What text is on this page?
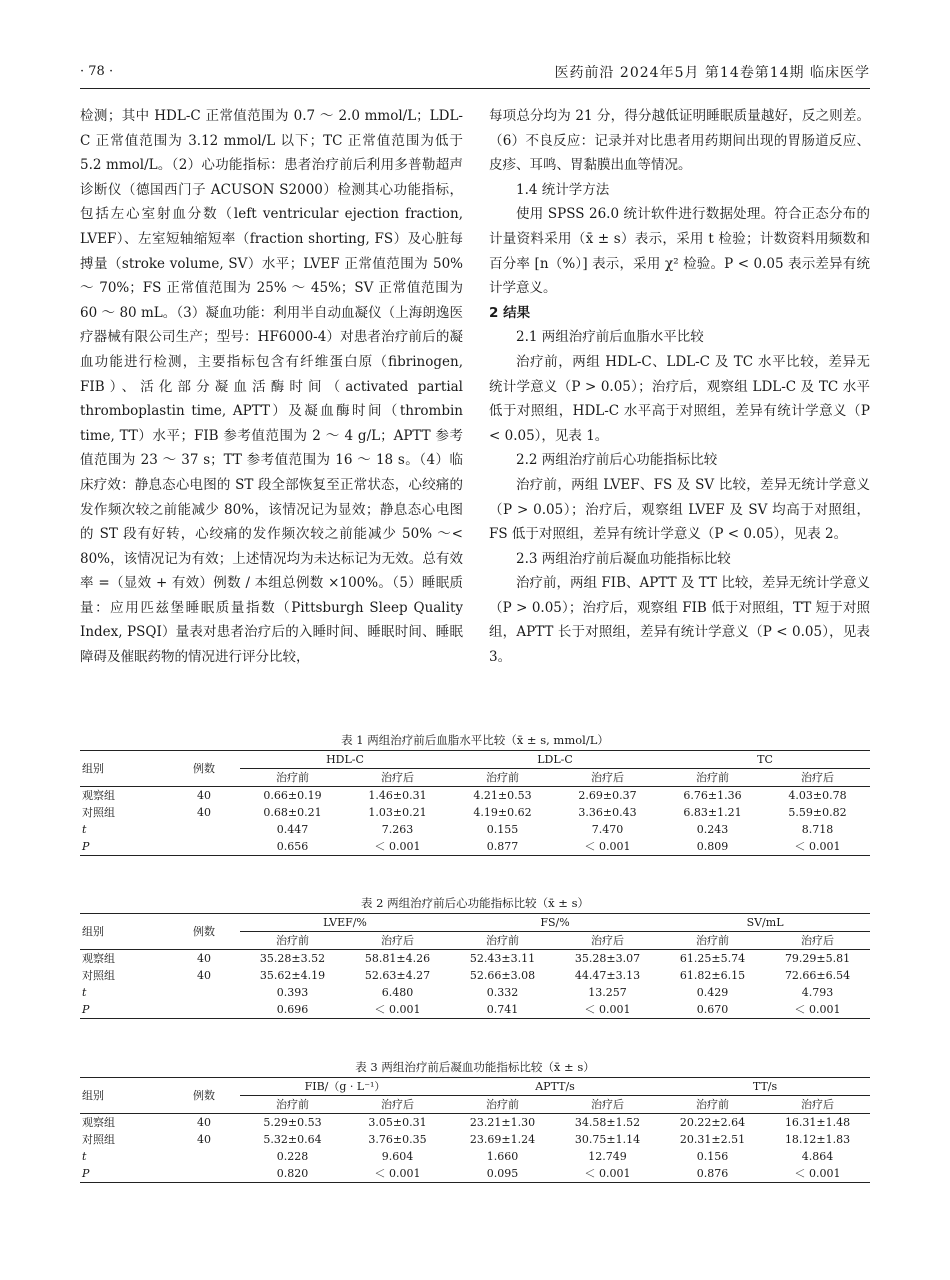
· 78 ·	医药前沿 2024年5月 第14卷第14期 临床医学

检测；其中 HDL-C 正常值范围为 0.7 ～ 2.0 mmol/L；LDL-C 正常值范围为 3.12 mmol/L 以下；TC 正常值范围为低于 5.2 mmol/L。（2）心功能指标：患者治疗前后利用多普勒超声诊断仪（德国西门子 ACUSON S2000）检测其心功能指标，包括左心室射血分数（left ventricular ejection fraction, LVEF）、左室短轴缩短率（fraction shorting, FS）及心脏每搏量（stroke volume, SV）水平；LVEF 正常值范围为 50% ～ 70%；FS 正常值范围为 25% ～ 45%；SV 正常值范围为 60 ～ 80 mL。（3）凝血功能：利用半自动血凝仪（上海朗逸医疗器械有限公司生产；型号：HF6000-4）对患者治疗前后的凝血功能进行检测，主要指标包含有纤维蛋白原（fibrinogen, FIB）、活化部分凝血活酶时间（activated partial thromboplastin time, APTT）及凝血酶时间（thrombin time, TT）水平；FIB 参考值范围为 2 ～ 4 g/L；APTT 参考值范围为 23 ～ 37 s；TT 参考值范围为 16 ～ 18 s。（4）临床疗效：静息态心电图的 ST 段全部恢复至正常状态，心绞痛的发作频次较之前能减少 80%，该情况记为显效；静息态心电图的 ST 段有好转，心绞痛的发作频次较之前能减少 50% ～< 80%，该情况记为有效；上述情况均为未达标记为无效。总有效率 =（显效 + 有效）例数 / 本组总例数 ×100%。（5）睡眠质量：应用匹兹堡睡眠质量指数（Pittsburgh Sleep Quality Index, PSQI）量表对患者治疗后的入睡时间、睡眠时间、睡眠障碍及催眠药物的情况进行评分比较，

每项总分均为 21 分，得分越低证明睡眠质量越好，反之则差。（6）不良反应：记录并对比患者用药期间出现的胃肠道反应、皮疹、耳鸣、胃黏膜出血等情况。

1.4 统计学方法

使用 SPSS 26.0 统计软件进行数据处理。符合正态分布的计量资料采用（x̄ ± s）表示，采用 t 检验；计数资料用频数和百分率 [n（%）] 表示，采用 χ² 检验。P < 0.05 表示差异有统计学意义。

2 结果

2.1 两组治疗前后血脂水平比较

治疗前，两组 HDL-C、LDL-C 及 TC 水平比较，差异无统计学意义（P > 0.05）；治疗后，观察组 LDL-C 及 TC 水平低于对照组，HDL-C 水平高于对照组，差异有统计学意义（P < 0.05），见表 1。

2.2 两组治疗前后心功能指标比较

治疗前，两组 LVEF、FS 及 SV 比较，差异无统计学意义（P > 0.05）；治疗后，观察组 LVEF 及 SV 均高于对照组，FS 低于对照组，差异有统计学意义（P < 0.05），见表 2。

2.3 两组治疗前后凝血功能指标比较

治疗前，两组 FIB、APTT 及 TT 比较，差异无统计学意义（P > 0.05）；治疗后，观察组 FIB 低于对照组，TT 短于对照组，APTT 长于对照组，差异有统计学意义（P < 0.05），见表 3。

表 1 两组治疗前后血脂水平比较（x̄ ± s, mmol/L）
组别	例数	HDL-C		LDL-C		TC	
		治疗前	治疗后	治疗前	治疗后	治疗前	治疗后
观察组	40	0.66±0.19	1.46±0.31	4.21±0.53	2.69±0.37	6.76±1.36	4.03±0.78
对照组	40	0.68±0.21	1.03±0.21	4.19±0.62	3.36±0.43	6.83±1.21	5.59±0.82
t		0.447	7.263	0.155	7.470	0.243	8.718
P		0.656	＜ 0.001	0.877	＜ 0.001	0.809	＜ 0.001
表 2 两组治疗前后心功能指标比较（x̄ ± s）
组别	例数	LVEF/%		FS/%		SV/mL	
		治疗前	治疗后	治疗前	治疗后	治疗前	治疗后
观察组	40	35.28±3.52	58.81±4.26	52.43±3.11	35.28±3.07	61.25±5.74	79.29±5.81
对照组	40	35.62±4.19	52.63±4.27	52.66±3.08	44.47±3.13	61.82±6.15	72.66±6.54
t		0.393	6.480	0.332	13.257	0.429	4.793
P		0.696	＜ 0.001	0.741	＜ 0.001	0.670	＜ 0.001
表 3 两组治疗前后凝血功能指标比较（x̄ ± s）
组别	例数	FIB/（g · L⁻¹）		APTT/s		TT/s	
		治疗前	治疗后	治疗前	治疗后	治疗前	治疗后
观察组	40	5.29±0.53	3.05±0.31	23.21±1.30	34.58±1.52	20.22±2.64	16.31±1.48
对照组	40	5.32±0.64	3.76±0.35	23.69±1.24	30.75±1.14	20.31±2.51	18.12±1.83
t		0.228	9.604	1.660	12.749	0.156	4.864
P		0.820	＜ 0.001	0.095	＜ 0.001	0.876	＜ 0.001
